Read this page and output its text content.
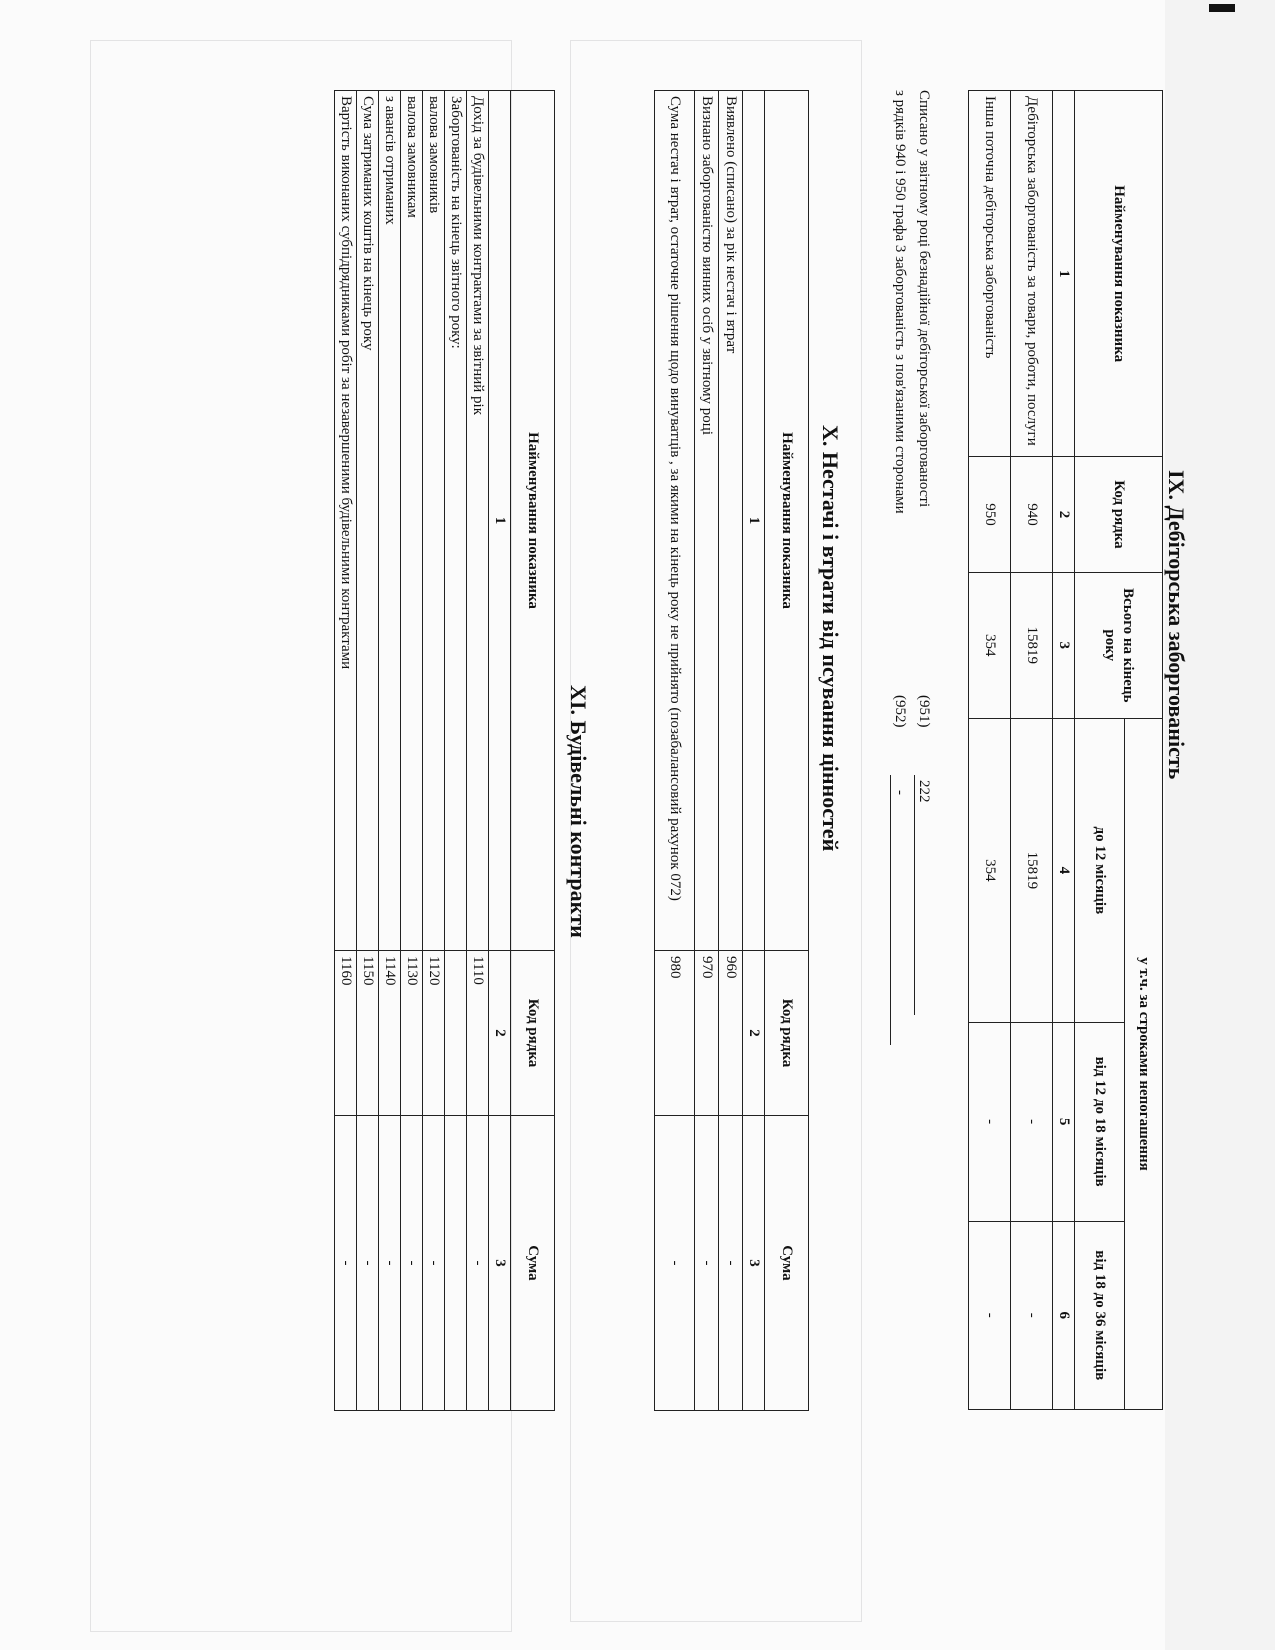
IX. Дебіторська заборгованість
Найменування показника	Код рядка	Всього на кінець року	у т.ч. за строками непогашення		
			до 12 місяців	від 12 до 18 місяців	від 18 до 36 місяців
1	2	3	4	5	6
Дебіторська заборгованість за товари, роботи, послуги	940	15819	15819	-	-
Інша поточна дебіторська заборгованість	950	354	354	-	-
Списано у звітному році безнадійної дебіторської заборгованості
(951)
222
з рядків 940 і 950 графа 3 заборгованість з пов'язаними сторонами
(952)
-
X. Нестачі і втрати від псування цінностей
Найменування показника	Код рядка	Сума
1	2	3
Виявлено (списано) за рік нестач і втрат	960	-
Визнано заборгованістю винних осіб у звітному році	970	-
Сума нестач і втрат, остаточне рішення щодо винуватців , за якими на кінець року не прийнято (позабалансовий рахунок 072)	980	-
XI. Будівельні контракти
Найменування показника	Код рядка	Сума
1	2	3
Дохід за будівельними контрактами за звітний рік	1110	-
Заборгованість на кінець звітного року:		
валова замовників	1120	-
валова замовникам	1130	-
з авансів отриманих	1140	-
Сума затриманих коштів на кінець року	1150	-
Вартість виконаних субпідрядниками робіт за незавершеними будівельними контрактами	1160	-
